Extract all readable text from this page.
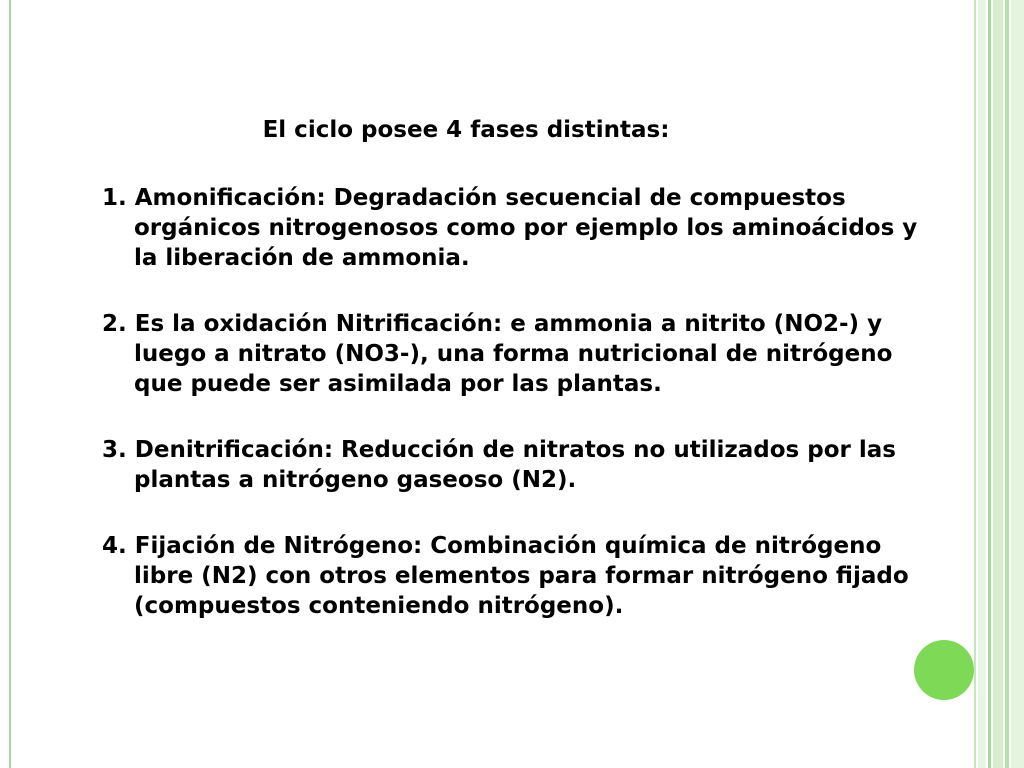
El ciclo posee 4 fases distintas:
1. Amonificación: Degradación secuencial de compuestos orgánicos nitrogenosos como por ejemplo los aminoácidos y la liberación de ammonia.
2. Es la oxidación Nitrificación: e ammonia a nitrito (NO2-) y luego a nitrato (NO3-), una forma nutricional de nitrógeno que puede ser asimilada por las plantas.
3. Denitrificación: Reducción de nitratos no utilizados por las plantas a nitrógeno gaseoso (N2).
4. Fijación de Nitrógeno: Combinación química de nitrógeno libre (N2) con otros elementos para formar nitrógeno fijado (compuestos conteniendo nitrógeno).
